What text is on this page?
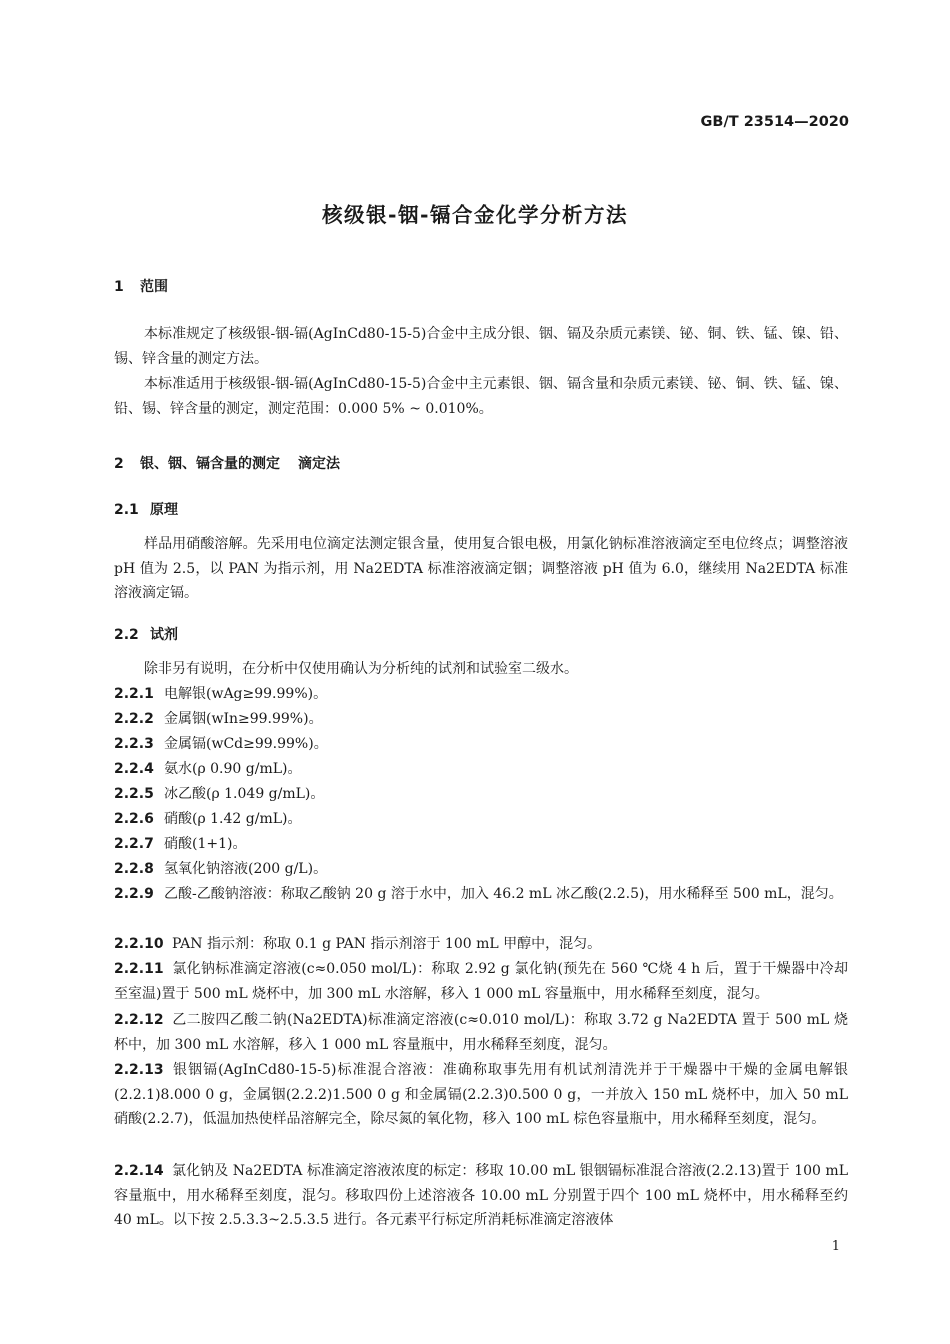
GB/T 23514—2020
核级银-铟-镉合金化学分析方法
1 范围
本标准规定了核级银-铟-镉(AgInCd80-15-5)合金中主成分银、铟、镉及杂质元素镁、铋、铜、铁、锰、镍、铅、锡、锌含量的测定方法。
本标准适用于核级银-铟-镉(AgInCd80-15-5)合金中主元素银、铟、镉含量和杂质元素镁、铋、铜、铁、锰、镍、铅、锡、锌含量的测定，测定范围：0.000 5% ~ 0.010%。
2 银、铟、镉含量的测定 滴定法
2.1 原理
样品用硝酸溶解。先采用电位滴定法测定银含量，使用复合银电极，用氯化钠标准溶液滴定至电位终点；调整溶液 pH 值为 2.5，以 PAN 为指示剂，用 Na2EDTA 标准溶液滴定铟；调整溶液 pH 值为 6.0，继续用 Na2EDTA 标准溶液滴定镉。
2.2 试剂
除非另有说明，在分析中仅使用确认为分析纯的试剂和试验室二级水。
2.2.1 电解银(wAg≥99.99%)。
2.2.2 金属铟(wIn≥99.99%)。
2.2.3 金属镉(wCd≥99.99%)。
2.2.4 氨水(ρ 0.90 g/mL)。
2.2.5 冰乙酸(ρ 1.049 g/mL)。
2.2.6 硝酸(ρ 1.42 g/mL)。
2.2.7 硝酸(1+1)。
2.2.8 氢氧化钠溶液(200 g/L)。
2.2.9 乙酸-乙酸钠溶液：称取乙酸钠 20 g 溶于水中，加入 46.2 mL 冰乙酸(2.2.5)，用水稀释至 500 mL，混匀。
2.2.10 PAN 指示剂：称取 0.1 g PAN 指示剂溶于 100 mL 甲醇中，混匀。
2.2.11 氯化钠标准滴定溶液(c≈0.050 mol/L)：称取 2.92 g 氯化钠(预先在 560 ℃烧 4 h 后，置于干燥器中冷却至室温)置于 500 mL 烧杯中，加 300 mL 水溶解，移入 1 000 mL 容量瓶中，用水稀释至刻度，混匀。
2.2.12 乙二胺四乙酸二钠(Na2EDTA)标准滴定溶液(c≈0.010 mol/L)：称取 3.72 g Na2EDTA 置于 500 mL 烧杯中，加 300 mL 水溶解，移入 1 000 mL 容量瓶中，用水稀释至刻度，混匀。
2.2.13 银铟镉(AgInCd80-15-5)标准混合溶液：准确称取事先用有机试剂清洗并于干燥器中干燥的金属电解银(2.2.1)8.000 0 g，金属铟(2.2.2)1.500 0 g 和金属镉(2.2.3)0.500 0 g，一并放入 150 mL 烧杯中，加入 50 mL 硝酸(2.2.7)，低温加热使样品溶解完全，除尽氮的氧化物，移入 100 mL 棕色容量瓶中，用水稀释至刻度，混匀。
2.2.14 氯化钠及 Na2EDTA 标准滴定溶液浓度的标定：移取 10.00 mL 银铟镉标准混合溶液(2.2.13)置于 100 mL 容量瓶中，用水稀释至刻度，混匀。移取四份上述溶液各 10.00 mL 分别置于四个 100 mL 烧杯中，用水稀释至约 40 mL。以下按 2.5.3.3~2.5.3.5 进行。各元素平行标定所消耗标准滴定溶液体
1
